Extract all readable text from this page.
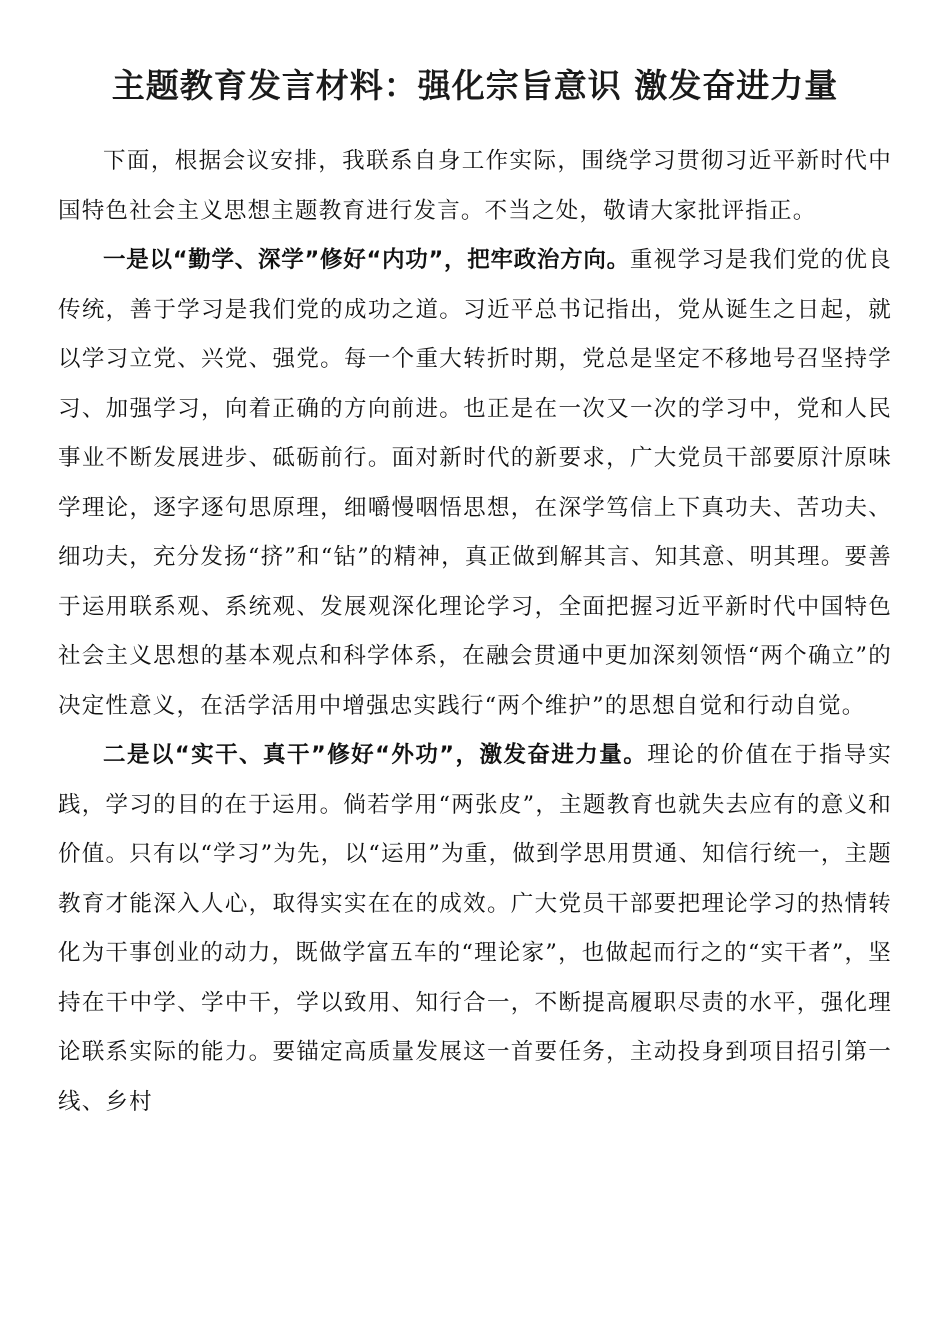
主题教育发言材料：强化宗旨意识 激发奋进力量

下面，根据会议安排，我联系自身工作实际，围绕学习贯彻习近平新时代中国特色社会主义思想主题教育进行发言。不当之处，敬请大家批评指正。

一是以“勤学、深学”修好“内功”，把牢政治方向。重视学习是我们党的优良传统，善于学习是我们党的成功之道。习近平总书记指出，党从诞生之日起，就以学习立党、兴党、强党。每一个重大转折时期，党总是坚定不移地号召坚持学习、加强学习，向着正确的方向前进。也正是在一次又一次的学习中，党和人民事业不断发展进步、砥砺前行。面对新时代的新要求，广大党员干部要原汁原味学理论，逐字逐句思原理，细嚼慢咽悟思想，在深学笃信上下真功夫、苦功夫、细功夫，充分发扬“挤”和“钻”的精神，真正做到解其言、知其意、明其理。要善于运用联系观、系统观、发展观深化理论学习，全面把握习近平新时代中国特色社会主义思想的基本观点和科学体系，在融会贯通中更加深刻领悟“两个确立”的决定性意义，在活学活用中增强忠实践行“两个维护”的思想自觉和行动自觉。

二是以“实干、真干”修好“外功”，激发奋进力量。理论的价值在于指导实践，学习的目的在于运用。倘若学用“两张皮”，主题教育也就失去应有的意义和价值。只有以“学习”为先，以“运用”为重，做到学思用贯通、知信行统一，主题教育才能深入人心，取得实实在在的成效。广大党员干部要把理论学习的热情转化为干事创业的动力，既做学富五车的“理论家”，也做起而行之的“实干者”，坚持在干中学、学中干，学以致用、知行合一，不断提高履职尽责的水平，强化理论联系实际的能力。要锚定高质量发展这一首要任务，主动投身到项目招引第一线、乡村
